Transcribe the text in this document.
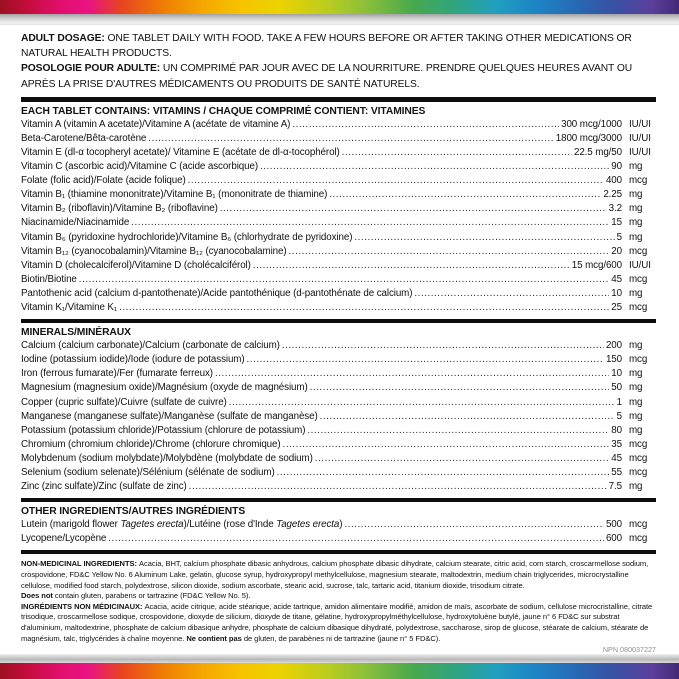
ADULT DOSAGE: ONE TABLET DAILY WITH FOOD. TAKE A FEW HOURS BEFORE OR AFTER TAKING OTHER MEDICATIONS OR NATURAL HEALTH PRODUCTS.

POSOLOGIE POUR ADULTE: UN COMPRIMÉ PAR JOUR AVEC DE LA NOURRITURE. PRENDRE QUELQUES HEURES AVANT OU APRÈS LA PRISE D'AUTRES MÉDICAMENTS OU PRODUITS DE SANTÉ NATURELS.

EACH TABLET CONTAINS: VITAMINS / CHAQUE COMPRIMÉ CONTIENT: VITAMINES
Vitamin A (vitamin A acetate)/Vitamine A (acétate de vitamine A) .....	300 mcg/1000 IU/UI
Beta-Carotene/Bêta-carotène .....	1800 mcg/3000 IU/UI
Vitamin E (dl-α tocopheryl acetate)/ Vitamine E (acétate de dl-α-tocophérol) .....	22.5 mg/50 IU/UI
Vitamin C (ascorbic acid)/Vitamine C (acide ascorbique) .....	90 mg
Folate (folic acid)/Folate (acide folique) .....	400 mcg
Vitamin B₁ (thiamine mononitrate)/Vitamine B₁ (mononitrate de thiamine) .....	2.25 mg
Vitamin B₂ (riboflavin)/Vitamine B₂ (riboflavine) .....	3.2 mg
Niacinamide/Niacinamide .....	15 mg
Vitamin B₆ (pyridoxine hydrochloride)/Vitamine B₆ (chlorhydrate de pyridoxine) .....	5 mg
Vitamin B₁₂ (cyanocobalamin)/Vitamine B₁₂ (cyanocobalamine) .....	20 mcg
Vitamin D (cholecalciferol)/Vitamine D (cholécalciférol) .....	15 mcg/600 IU/UI
Biotin/Biotine .....	45 mcg
Pantothenic acid (calcium d-pantothenate)/Acide pantothénique (d-pantothénate de calcium) .....	10 mg
Vitamin K₁/Vitamine K₁ .....	25 mcg
MINERALS/MINÉRAUX
Calcium (calcium carbonate)/Calcium (carbonate de calcium) .....	200 mg
Iodine (potassium iodide)/Iode (iodure de potassium) .....	150 mcg
Iron (ferrous fumarate)/Fer (fumarate ferreux) .....	10 mg
Magnesium (magnesium oxide)/Magnésium (oxyde de magnésium) .....	50 mg
Copper (cupric sulfate)/Cuivre (sulfate de cuivre) .....	1 mg
Manganese (manganese sulfate)/Manganèse (sulfate de manganèse) .....	5 mg
Potassium (potassium chloride)/Potassium (chlorure de potassium) .....	80 mg
Chromium (chromium chloride)/Chrome (chlorure chromique) .....	35 mcg
Molybdenum (sodium molybdate)/Molybdène (molybdate de sodium) .....	45 mcg
Selenium (sodium selenate)/Sélénium (sélénate de sodium) .....	55 mcg
Zinc (zinc sulfate)/Zinc (sulfate de zinc) .....	7.5 mg
OTHER INGREDIENTS/AUTRES INGRÉDIENTS
Lutein (marigold flower Tagetes erecta)/Lutéine (rose d'Inde Tagetes erecta) .....	500 mcg
Lycopene/Lycopène .....	600 mcg

NON-MEDICINAL INGREDIENTS: Acacia, BHT, calcium phosphate dibasic anhydrous, calcium phosphate dibasic dihydrate, calcium stearate, citric acid, corn starch, croscarmellose sodium, crospovidone, FD&C Yellow No. 6 Aluminum Lake, gelatin, glucose syrup, hydroxypropyl methylcellulose, magnesium stearate, maltodextrin, medium chain triglycerides, microcrystalline cellulose, modified food starch, polydextrose, silicon dioxide, sodium ascorbate, stearic acid, sucrose, talc, tartaric acid, titanium dioxide, trisodium citrate.

Does not contain gluten, parabens or tartrazine (FD&C Yellow No. 5).

INGRÉDIENTS NON MÉDICINAUX: Acacia, acide citrique, acide stéarique, acide tartrique, amidon alimentaire modifié, amidon de maïs, ascorbate de sodium, cellulose microcristalline, citrate trisodique, croscarmellose sodique, crospovidone, dioxyde de silicium, dioxyde de titane, gélatine, hydroxypropylméthylcellulose, hydroxytoluène butylé, jaune n° 6 FD&C sur substrat d'aluminium, maltodextrine, phosphate de calcium dibasique anhydre, phosphate de calcium dibasique dihydraté, polydextrose, saccharose, sirop de glucose, stéarate de calcium, stéarate de magnésium, talc, triglycérides à chaîne moyenne. Ne contient pas de gluten, de parabènes ni de tartrazine (jaune n° 5 FD&C).

NPN 080037227
